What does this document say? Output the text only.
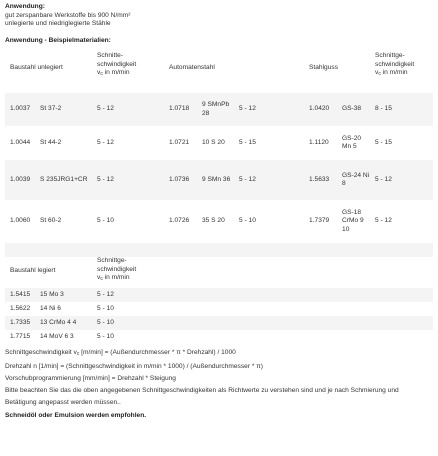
Anwendung:
gut zerspanbare Werkstoffe bis 900 N/mm²
unlegierte und niedriglegierte Stähle
Anwendung - Beispielmaterialien:
Baustahl unlegiert		Schnitte-
schwindigkeit
$v_c$ in m/min	Automatenstahl			Stahlguss		Schnittge-
schwindigkeit
$v_c$ in m/min
1.0037	St 37-2	5 - 12	1.0718	9 SMnPb 28	5 - 12	1.0420	GS-38	8 - 15
1.0044	St 44-2	5 - 12	1.0721	10 S 20	5 - 15	1.1120	GS-20 Mn 5	5 - 15
1.0039	S 235JRG1+CR	5 - 12	1.0736	9 SMn 36	5 - 12	1.5633	GS-24 Ni 8	5 - 12
1.0060	St 60-2	5 - 10	1.0726	35 S 20	5 - 10	1.7379	GS-18 CrMo 9 10	5 - 12

Baustahl legiert		Schnittge-
schwindigkeit
$v_c$ in m/min
1.5415	15 Mo 3	5 - 12
1.5622	14 Ni 6	5 - 10
1.7335	13 CrMo 4 4	5 - 10
1.7715	14 MoV 6 3	5 - 10
Schnittgeschwindigkeit $v_c$ [m/min] = (Außendurchmesser * π * Drehzahl) / 1000
Drehzahl n [1/min] = (Schnittgeschwindigkeit in m/min * 1000) / (Außendurchmesser * π)
Vorschubprogrammierung [mm/min] = Drehzahl * Steigung
Bitte beachten Sie das die oben angegebenen Schnittgeschwindigkeiten als Richtwerte zu verstehen sind und je nach Schmierung und
Betätigung angepasst werden müssen..
Schneidöl oder Emulsion werden empfohlen.
